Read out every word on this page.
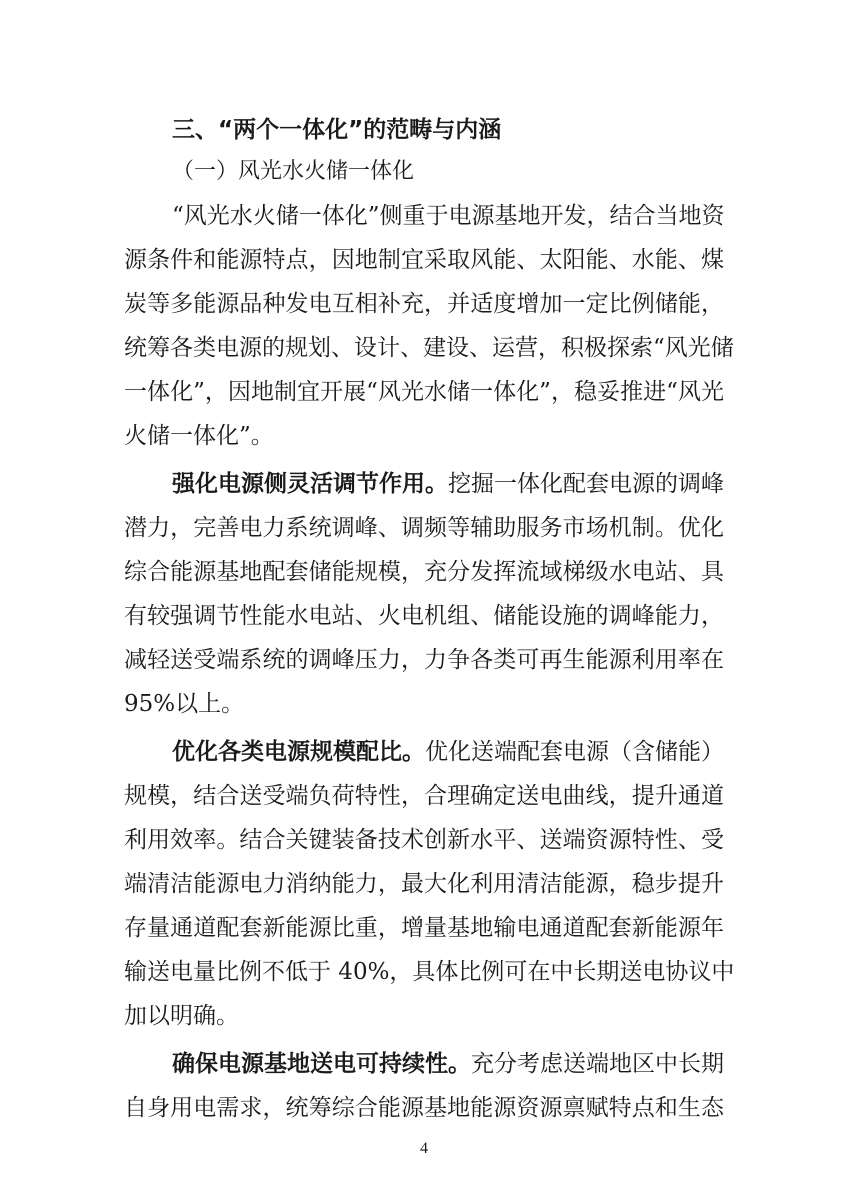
三、“两个一体化”的范畴与内涵
（一）风光水火储一体化
“风光水火储一体化”侧重于电源基地开发，结合当地资
源条件和能源特点，因地制宜采取风能、太阳能、水能、煤
炭等多能源品种发电互相补充，并适度增加一定比例储能，
统筹各类电源的规划、设计、建设、运营，积极探索“风光储
一体化”，因地制宜开展“风光水储一体化”，稳妥推进“风光
火储一体化”。
强化电源侧灵活调节作用。挖掘一体化配套电源的调峰
潜力，完善电力系统调峰、调频等辅助服务市场机制。优化
综合能源基地配套储能规模，充分发挥流域梯级水电站、具
有较强调节性能水电站、火电机组、储能设施的调峰能力，
减轻送受端系统的调峰压力，力争各类可再生能源利用率在
95%以上。
优化各类电源规模配比。优化送端配套电源（含储能）
规模，结合送受端负荷特性，合理确定送电曲线，提升通道
利用效率。结合关键装备技术创新水平、送端资源特性、受
端清洁能源电力消纳能力，最大化利用清洁能源，稳步提升
存量通道配套新能源比重，增量基地输电通道配套新能源年
输送电量比例不低于 40%，具体比例可在中长期送电协议中
加以明确。
确保电源基地送电可持续性。充分考虑送端地区中长期
自身用电需求，统筹综合能源基地能源资源禀赋特点和生态
4
